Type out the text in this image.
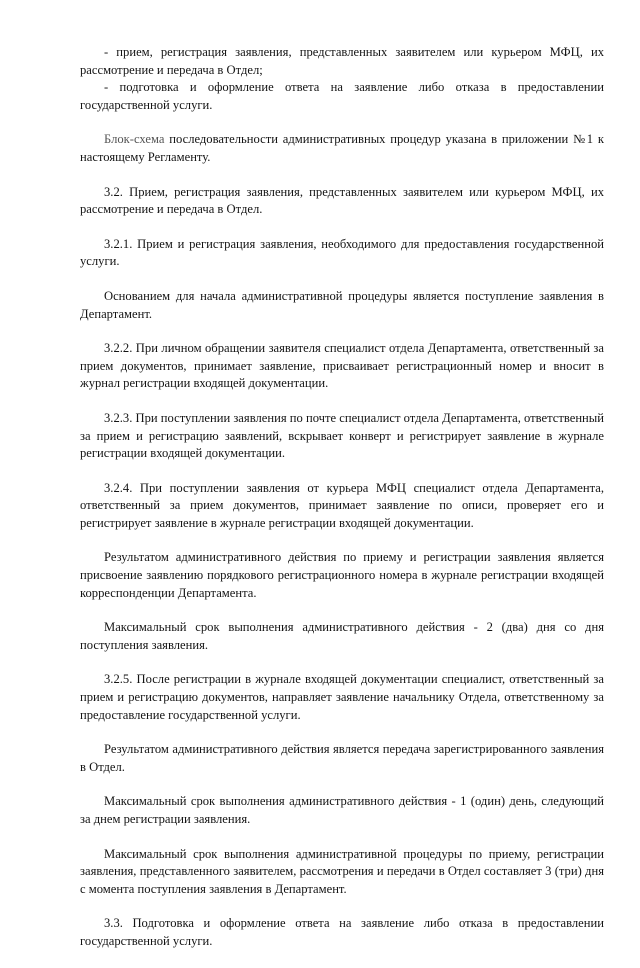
- прием, регистрация заявления, представленных заявителем или курьером МФЦ, их рассмотрение и передача в Отдел;

- подготовка и оформление ответа на заявление либо отказа в предоставлении государственной услуги.

Блок-схема последовательности административных процедур указана в приложении №1 к настоящему Регламенту.

3.2. Прием, регистрация заявления, представленных заявителем или курьером МФЦ, их рассмотрение и передача в Отдел.

3.2.1. Прием и регистрация заявления, необходимого для предоставления государственной услуги.

Основанием для начала административной процедуры является поступление заявления в Департамент.

3.2.2. При личном обращении заявителя специалист отдела Департамента, ответственный за прием документов, принимает заявление, присваивает регистрационный номер и вносит в журнал регистрации входящей документации.

3.2.3. При поступлении заявления по почте специалист отдела Департамента, ответственный за прием и регистрацию заявлений, вскрывает конверт и регистрирует заявление в журнале регистрации входящей документации.

3.2.4. При поступлении заявления от курьера МФЦ специалист отдела Департамента, ответственный за прием документов, принимает заявление по описи, проверяет его и регистрирует заявление в журнале регистрации входящей документации.

Результатом административного действия по приему и регистрации заявления является присвоение заявлению порядкового регистрационного номера в журнале регистрации входящей корреспонденции Департамента.

Максимальный срок выполнения административного действия - 2 (два) дня со дня поступления заявления.

3.2.5. После регистрации в журнале входящей документации специалист, ответственный за прием и регистрацию документов, направляет заявление начальнику Отдела, ответственному за предоставление государственной услуги.

Результатом административного действия является передача зарегистрированного заявления в Отдел.

Максимальный срок выполнения административного действия - 1 (один) день, следующий за днем регистрации заявления.

Максимальный срок выполнения административной процедуры по приему, регистрации заявления, представленного заявителем, рассмотрения и передачи в Отдел составляет 3 (три) дня с момента поступления заявления в Департамент.

3.3. Подготовка и оформление ответа на заявление либо отказа в предоставлении государственной услуги.
